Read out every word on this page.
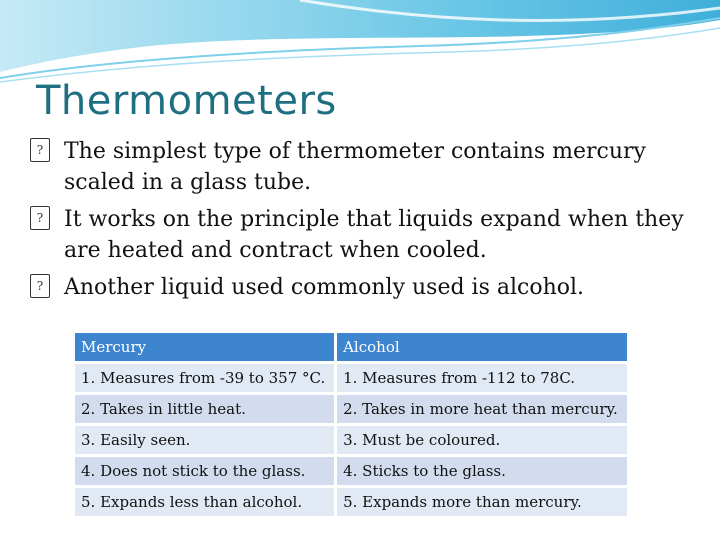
Thermometers
? The simplest type of thermometer contains mercury scaled in a glass tube.
? It works on the principle that liquids expand when they are heated and contract when cooled.
? Another liquid used commonly used is alcohol.
Mercury	Alcohol
1. Measures from -39 to 357 °C.	1. Measures from -112 to 78C.
2. Takes in little heat.	2. Takes in more heat than mercury.
3. Easily seen.	3. Must be coloured.
4. Does not stick to the glass.	4. Sticks to the glass.
5. Expands less than alcohol.	5. Expands more than mercury.
